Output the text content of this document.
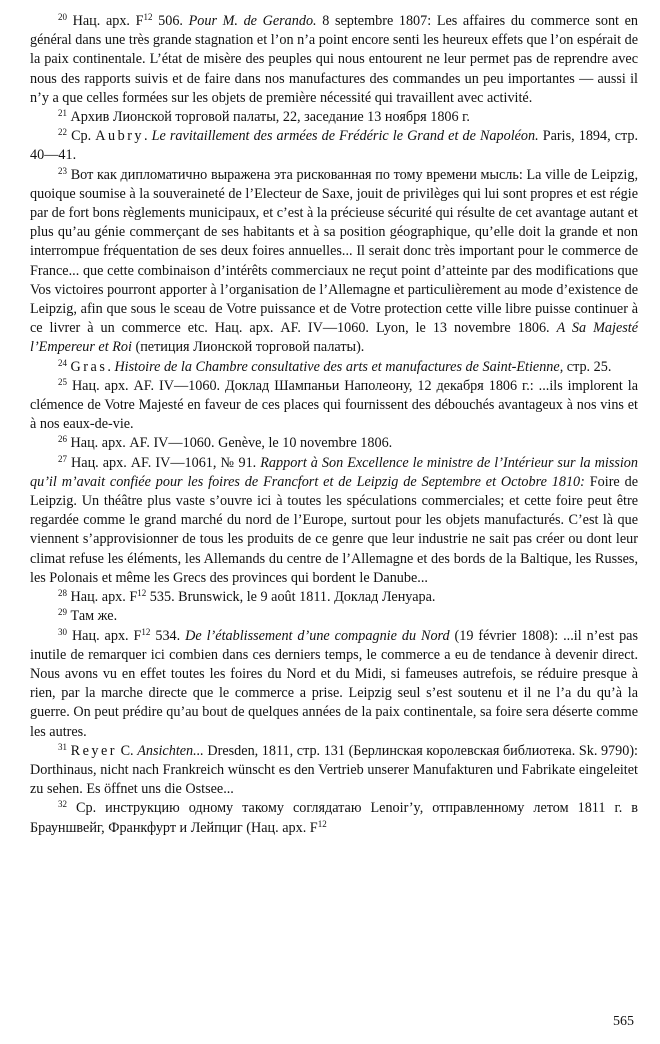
$^{20}$ Нац. арх. $F^{12}$ 506. Pour M. de Gerando. 8 septembre 1807: Les affaires du commerce sont en général dans une très grande stagnation et l’on n’a point encore senti les heureux effets que l’on espérait de la paix continentale. L’état de misère des peuples qui nous entourent ne leur permet pas de reprendre avec nous des rapports suivis et de faire dans nos manufactures des commandes un peu importantes — aussi il n’y a que celles formées sur les objets de première nécessité qui travaillent avec activité.

$^{21}$ Архив Лионской торговой палаты, 22, заседание 13 ноября 1806 г.

$^{22}$ Ср. Aubry. Le ravitaillement des armées de Frédéric le Grand et de Napoléon. Paris, 1894, стр. 40—41.

$^{23}$ Вот как дипломатично выражена эта рискованная по тому времени мысль: La ville de Leipzig, quoique soumise à la souveraineté de l’Electeur de Saxe, jouit de privilèges qui lui sont propres et est régie par de fort bons règlements municipaux, et c’est à la précieuse sécurité qui résulte de cet avantage autant et plus qu’au génie commerçant de ses habitants et à sa position géographique, qu’elle doit la grande et non interrompue fréquentation de ses deux foires annuelles... Il serait donc très important pour le commerce de France... que cette combinaison d’intérêts commerciaux ne reçut point d’atteinte par des modifications que Vos victoires pourront apporter à l’organisation de l’Allemagne et particulièrement au mode d’existence de Leipzig, afin que sous le sceau de Votre puissance et de Votre protection cette ville libre puisse continuer à ce livrer à un commerce etc. Нац. арх. AF. IV—1060. Lyon, le 13 novembre 1806. A Sa Majesté l’Empereur et Roi (петиция Лионской торговой палаты).

$^{24}$ Gras. Histoire de la Chambre consultative des arts et manufactures de Saint-Etienne, стр. 25.

$^{25}$ Нац. арх. AF. IV—1060. Доклад Шампаньи Наполеону, 12 декабря 1806 г.: ...ils implorent la clémence de Votre Majesté en faveur de ces places qui fournissent des débouchés avantageux à nos vins et à nos eaux-de-vie.

$^{26}$ Нац. арх. AF. IV—1060. Genève, le 10 novembre 1806.

$^{27}$ Нац. арх. AF. IV—1061, № 91. Rapport à Son Excellence le ministre de l’Intérieur sur la mission qu’il m’avait confiée pour les foires de Francfort et de Leipzig de Septembre et Octobre 1810: Foire de Leipzig. Un théâtre plus vaste s’ouvre ici à toutes les spéculations commerciales; et cette foire peut être regardée comme le grand marché du nord de l’Europe, surtout pour les objets manufacturés. C’est là que viennent s’approvisionner de tous les produits de ce genre que leur industrie ne sait pas créer ou dont leur climat refuse les éléments, les Allemands du centre de l’Allemagne et des bords de la Baltique, les Russes, les Polonais et même les Grecs des provinces qui bordent le Danube...

$^{28}$ Нац. арх. $F^{12}$ 535. Brunswick, le 9 août 1811. Доклад Ленуара.

$^{29}$ Там же.

$^{30}$ Нац. арх. $F^{12}$ 534. De l’établissement d’une compagnie du Nord (19 février 1808): ...il n’est pas inutile de remarquer ici combien dans ces derniers temps, le commerce a eu de tendance à devenir direct. Nous avons vu en effet toutes les foires du Nord et du Midi, si fameuses autrefois, se réduire presque à rien, par la marche directe que le commerce a prise. Leipzig seul s’est soutenu et il ne l’a du qu’à la guerre. On peut prédire qu’au bout de quelques années de la paix continentale, sa foire sera déserte comme les autres.

$^{31}$ Reyer C. Ansichten... Dresden, 1811, стр. 131 (Берлинская королевская библиотека. Sk. 9790): Dorthinaus, nicht nach Frankreich wünscht es den Vertrieb unserer Manufakturen und Fabrikate eingeleitet zu sehen. Es öffnet uns die Ostsee...

$^{32}$ Ср. инструкцию одному такому соглядатаю Lenoir’y, отправленному летом 1811 г. в Брауншвейг, Франкфурт и Лейпциг (Нац. арх. $F^{12}$

565
